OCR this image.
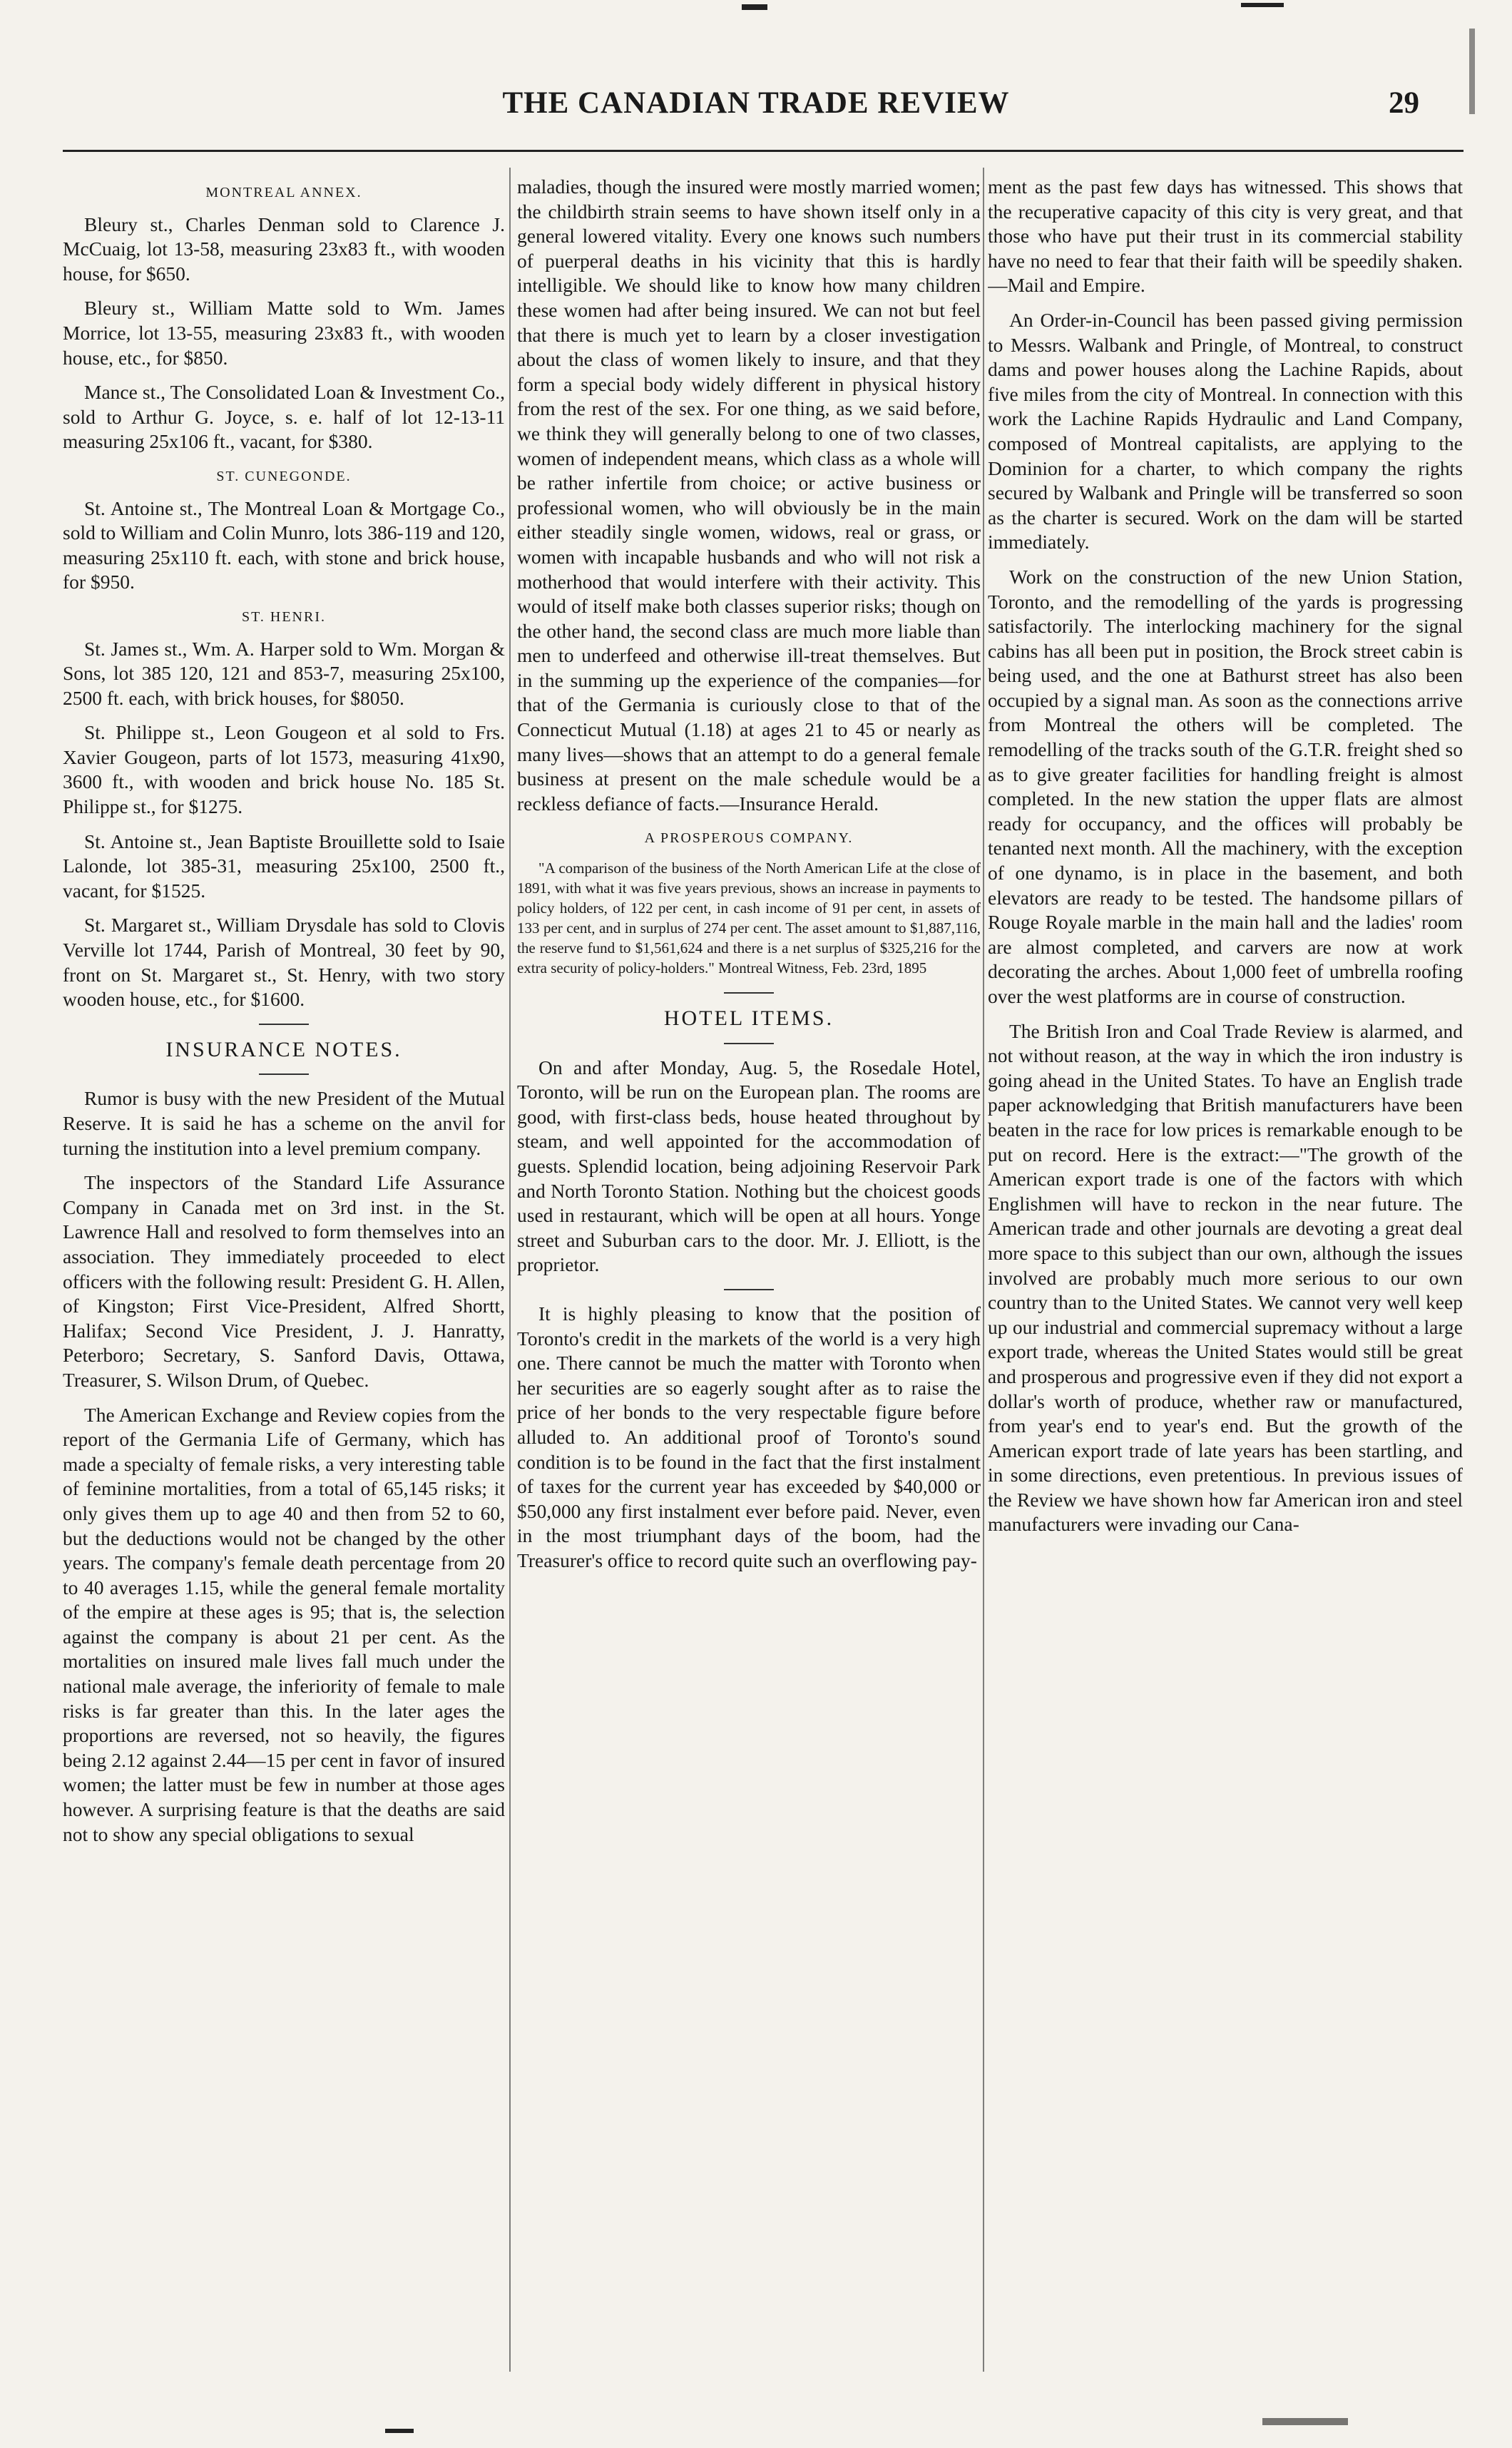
THE CANADIAN TRADE REVIEW	29
MONTREAL ANNEX.

Bleury st., Charles Denman sold to Clarence J. McCuaig, lot 13-58, measuring 23x83 ft., with wooden house, for $650.

Bleury st., William Matte sold to Wm. James Morrice, lot 13-55, measuring 23x83 ft., with wooden house, etc., for $850.

Mance st., The Consolidated Loan & Investment Co., sold to Arthur G. Joyce, s. e. half of lot 12-13-11 measuring 25x106 ft., vacant, for $380.

ST. CUNEGONDE.

St. Antoine st., The Montreal Loan & Mortgage Co., sold to William and Colin Munro, lots 386-119 and 120, measuring 25x110 ft. each, with stone and brick house, for $950.

ST. HENRI.

St. James st., Wm. A. Harper sold to Wm. Morgan & Sons, lot 385 120, 121 and 853-7, measuring 25x100, 2500 ft. each, with brick houses, for $8050.

St. Philippe st., Leon Gougeon et al sold to Frs. Xavier Gougeon, parts of lot 1573, measuring 41x90, 3600 ft., with wooden and brick house No. 185 St. Philippe st., for $1275.

St. Antoine st., Jean Baptiste Brouillette sold to Isaie Lalonde, lot 385-31, measuring 25x100, 2500 ft., vacant, for $1525.

St. Margaret st., William Drysdale has sold to Clovis Verville lot 1744, Parish of Montreal, 30 feet by 90, front on St. Margaret st., St. Henry, with two story wooden house, etc., for $1600.

INSURANCE NOTES.

Rumor is busy with the new President of the Mutual Reserve. It is said he has a scheme on the anvil for turning the institution into a level premium company.

The inspectors of the Standard Life Assurance Company in Canada met on 3rd inst. in the St. Lawrence Hall and resolved to form themselves into an association. They immediately proceeded to elect officers with the following result: President G. H. Allen, of Kingston; First Vice-President, Alfred Shortt, Halifax; Second Vice President, J. J. Hanratty, Peterboro; Secretary, S. Sanford Davis, Ottawa, Treasurer, S. Wilson Drum, of Quebec.

The American Exchange and Review copies from the report of the Germania Life of Germany, which has made a specialty of female risks, a very interesting table of feminine mortalities, from a total of 65,145 risks; it only gives them up to age 40 and then from 52 to 60, but the deductions would not be changed by the other years. The company's female death percentage from 20 to 40 averages 1.15, while the general female mortality of the empire at these ages is 95; that is, the selection against the company is about 21 per cent. As the mortalities on insured male lives fall much under the national male average, the inferiority of female to male risks is far greater than this. In the later ages the proportions are reversed, not so heavily, the figures being 2.12 against 2.44—15 per cent in favor of insured women; the latter must be few in number at those ages however. A surprising feature is that the deaths are said not to show any special obligations to sexual

maladies, though the insured were mostly married women; the childbirth strain seems to have shown itself only in a general lowered vitality. Every one knows such numbers of puerperal deaths in his vicinity that this is hardly intelligible. We should like to know how many children these women had after being insured. We can not but feel that there is much yet to learn by a closer investigation about the class of women likely to insure, and that they form a special body widely different in physical history from the rest of the sex. For one thing, as we said before, we think they will generally belong to one of two classes, women of independent means, which class as a whole will be rather infertile from choice; or active business or professional women, who will obviously be in the main either steadily single women, widows, real or grass, or women with incapable husbands and who will not risk a motherhood that would interfere with their activity. This would of itself make both classes superior risks; though on the other hand, the second class are much more liable than men to underfeed and otherwise ill-treat themselves. But in the summing up the experience of the companies—for that of the Germania is curiously close to that of the Connecticut Mutual (1.18) at ages 21 to 45 or nearly as many lives—shows that an attempt to do a general female business at present on the male schedule would be a reckless defiance of facts.—Insurance Herald.

A PROSPEROUS COMPANY.

"A comparison of the business of the North American Life at the close of 1891, with what it was five years previous, shows an increase in payments to policy holders, of 122 per cent, in cash income of 91 per cent, in assets of 133 per cent, and in surplus of 274 per cent. The asset amount to $1,887,116, the reserve fund to $1,561,624 and there is a net surplus of $325,216 for the extra security of policy-holders." Montreal Witness, Feb. 23rd, 1895

HOTEL ITEMS.

On and after Monday, Aug. 5, the Rosedale Hotel, Toronto, will be run on the European plan. The rooms are good, with first-class beds, house heated throughout by steam, and well appointed for the accommodation of guests. Splendid location, being adjoining Reservoir Park and North Toronto Station. Nothing but the choicest goods used in restaurant, which will be open at all hours. Yonge street and Suburban cars to the door. Mr. J. Elliott, is the proprietor.

It is highly pleasing to know that the position of Toronto's credit in the markets of the world is a very high one. There cannot be much the matter with Toronto when her securities are so eagerly sought after as to raise the price of her bonds to the very respectable figure before alluded to. An additional proof of Toronto's sound condition is to be found in the fact that the first instalment of taxes for the current year has exceeded by $40,000 or $50,000 any first instalment ever before paid. Never, even in the most triumphant days of the boom, had the Treasurer's office to record quite such an overflowing pay-

ment as the past few days has witnessed. This shows that the recuperative capacity of this city is very great, and that those who have put their trust in its commercial stability have no need to fear that their faith will be speedily shaken.—Mail and Empire.

An Order-in-Council has been passed giving permission to Messrs. Walbank and Pringle, of Montreal, to construct dams and power houses along the Lachine Rapids, about five miles from the city of Montreal. In connection with this work the Lachine Rapids Hydraulic and Land Company, composed of Montreal capitalists, are applying to the Dominion for a charter, to which company the rights secured by Walbank and Pringle will be transferred so soon as the charter is secured. Work on the dam will be started immediately.

Work on the construction of the new Union Station, Toronto, and the remodelling of the yards is progressing satisfactorily. The interlocking machinery for the signal cabins has all been put in position, the Brock street cabin is being used, and the one at Bathurst street has also been occupied by a signal man. As soon as the connections arrive from Montreal the others will be completed. The remodelling of the tracks south of the G.T.R. freight shed so as to give greater facilities for handling freight is almost completed. In the new station the upper flats are almost ready for occupancy, and the offices will probably be tenanted next month. All the machinery, with the exception of one dynamo, is in place in the basement, and both elevators are ready to be tested. The handsome pillars of Rouge Royale marble in the main hall and the ladies' room are almost completed, and carvers are now at work decorating the arches. About 1,000 feet of umbrella roofing over the west platforms are in course of construction.

The British Iron and Coal Trade Review is alarmed, and not without reason, at the way in which the iron industry is going ahead in the United States. To have an English trade paper acknowledging that British manufacturers have been beaten in the race for low prices is remarkable enough to be put on record. Here is the extract:—"The growth of the American export trade is one of the factors with which Englishmen will have to reckon in the near future. The American trade and other journals are devoting a great deal more space to this subject than our own, although the issues involved are probably much more serious to our own country than to the United States. We cannot very well keep up our industrial and commercial supremacy without a large export trade, whereas the United States would still be great and prosperous and progressive even if they did not export a dollar's worth of produce, whether raw or manufactured, from year's end to year's end. But the growth of the American export trade of late years has been startling, and in some directions, even pretentious. In previous issues of the Review we have shown how far American iron and steel manufacturers were invading our Cana-
